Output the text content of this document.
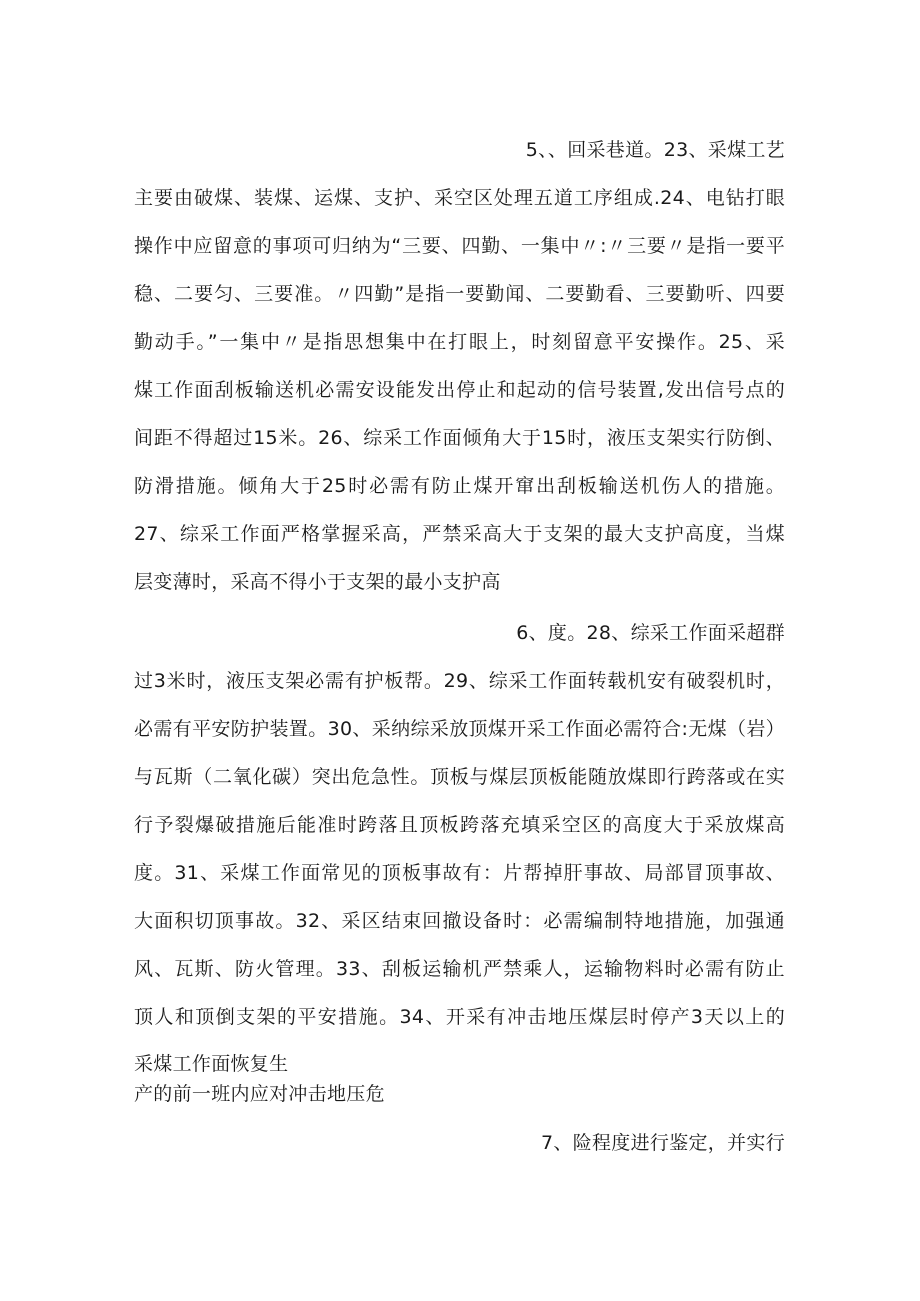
5、、回采巷道。23、采煤工艺
主要由破煤、装煤、运煤、支护、采空区处理五道工序组成.24、电钻打眼
操作中应留意的事项可归纳为“三要、四勤、一集中〃:〃三要〃是指一要平
稳、二要匀、三要准。〃四勤”是指一要勤闻、二要勤看、三要勤听、四要
勤动手。”一集中〃是指思想集中在打眼上，时刻留意平安操作。25、采
煤工作面刮板输送机必需安设能发出停止和起动的信号装置,发出信号点的
间距不得超过15米。26、综采工作面倾角大于15时，液压支架实行防倒、
防滑措施。倾角大于25时必需有防止煤开窜出刮板输送机伤人的措施。
27、综采工作面严格掌握采高，严禁采高大于支架的最大支护高度，当煤
层变薄时，采高不得小于支架的最小支护高
6、度。28、综采工作面采超群
过3米时，液压支架必需有护板帮。29、综采工作面转载机安有破裂机时，
必需有平安防护装置。30、采纳综采放顶煤开采工作面必需符合:无煤（岩）
与瓦斯（二氧化碳）突出危急性。顶板与煤层顶板能随放煤即行跨落或在实
行予裂爆破措施后能准时跨落且顶板跨落充填采空区的高度大于采放煤高
度。31、采煤工作面常见的顶板事故有：片帮掉肝事故、局部冒顶事故、
大面积切顶事故。32、采区结束回撤设备时：必需编制特地措施，加强通
风、瓦斯、防火管理。33、刮板运输机严禁乘人，运输物料时必需有防止
顶人和顶倒支架的平安措施。34、开采有冲击地压煤层时停产3天以上的
采煤工作面恢复生
产的前一班内应对冲击地压危
7、险程度进行鉴定，并实行
